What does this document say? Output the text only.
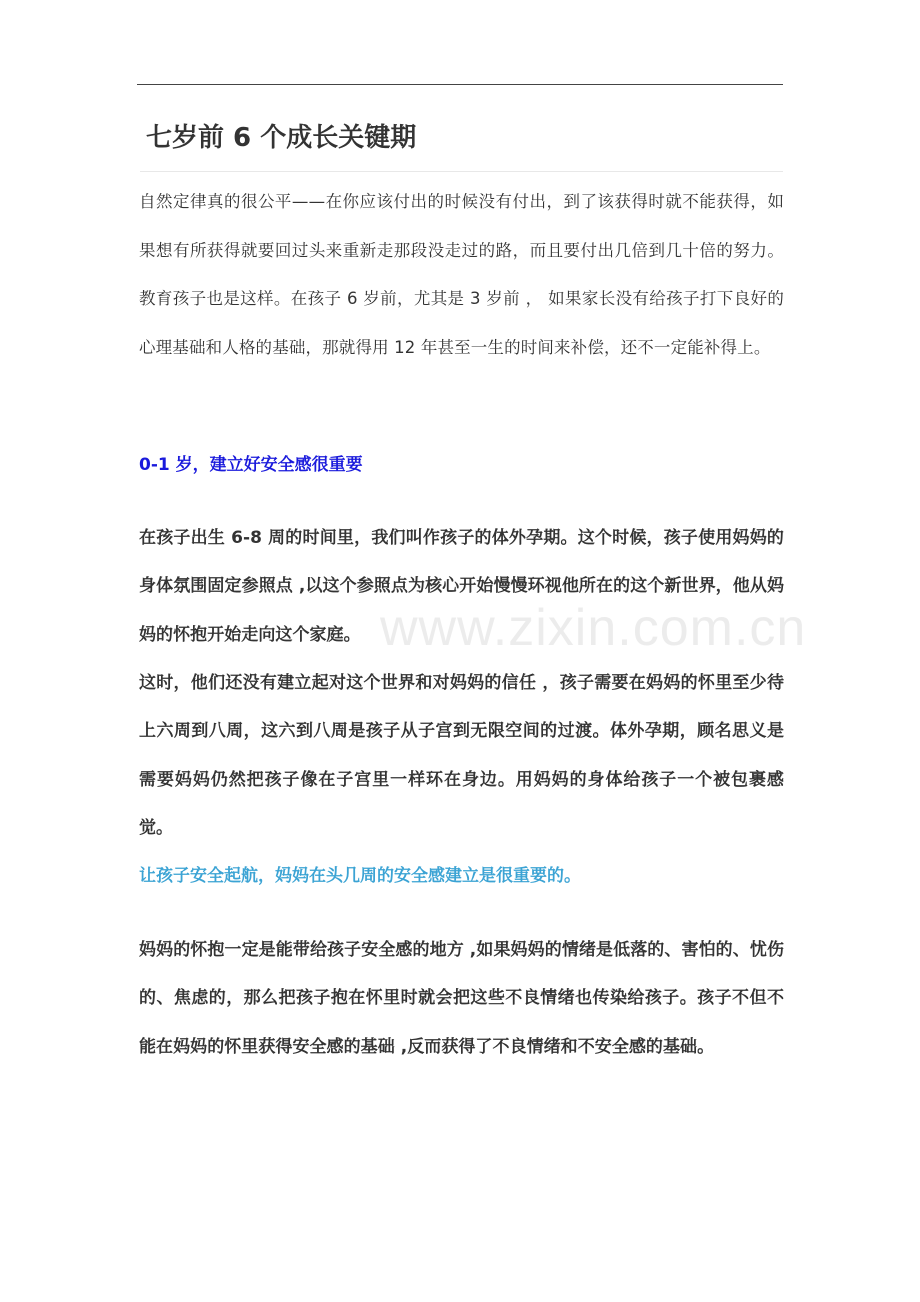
七岁前 6 个成长关键期

自然定律真的很公平——在你应该付出的时候没有付出，到了该获得时就不能获得，如果想有所获得就要回过头来重新走那段没走过的路，而且要付出几倍到几十倍的努力。教育孩子也是这样。在孩子 6 岁前，尤其是 3 岁前 ， 如果家长没有给孩子打下良好的心理基础和人格的基础，那就得用 12 年甚至一生的时间来补偿，还不一定能补得上。

0-1 岁，建立好安全感很重要

在孩子出生 6-8 周的时间里，我们叫作孩子的体外孕期。这个时候，孩子使用妈妈的身体氛围固定参照点 ,以这个参照点为核心开始慢慢环视他所在的这个新世界，他从妈妈的怀抱开始走向这个家庭。

这时，他们还没有建立起对这个世界和对妈妈的信任 ，孩子需要在妈妈的怀里至少待上六周到八周，这六到八周是孩子从子宫到无限空间的过渡。体外孕期，顾名思义是需要妈妈仍然把孩子像在子宫里一样环在身边。用妈妈的身体给孩子一个被包裹感觉。

让孩子安全起航，妈妈在头几周的安全感建立是很重要的。

妈妈的怀抱一定是能带给孩子安全感的地方 ,如果妈妈的情绪是低落的、害怕的、忧伤的、焦虑的，那么把孩子抱在怀里时就会把这些不良情绪也传染给孩子。孩子不但不能在妈妈的怀里获得安全感的基础 ,反而获得了不良情绪和不安全感的基础。

www.zixin.com.cn
